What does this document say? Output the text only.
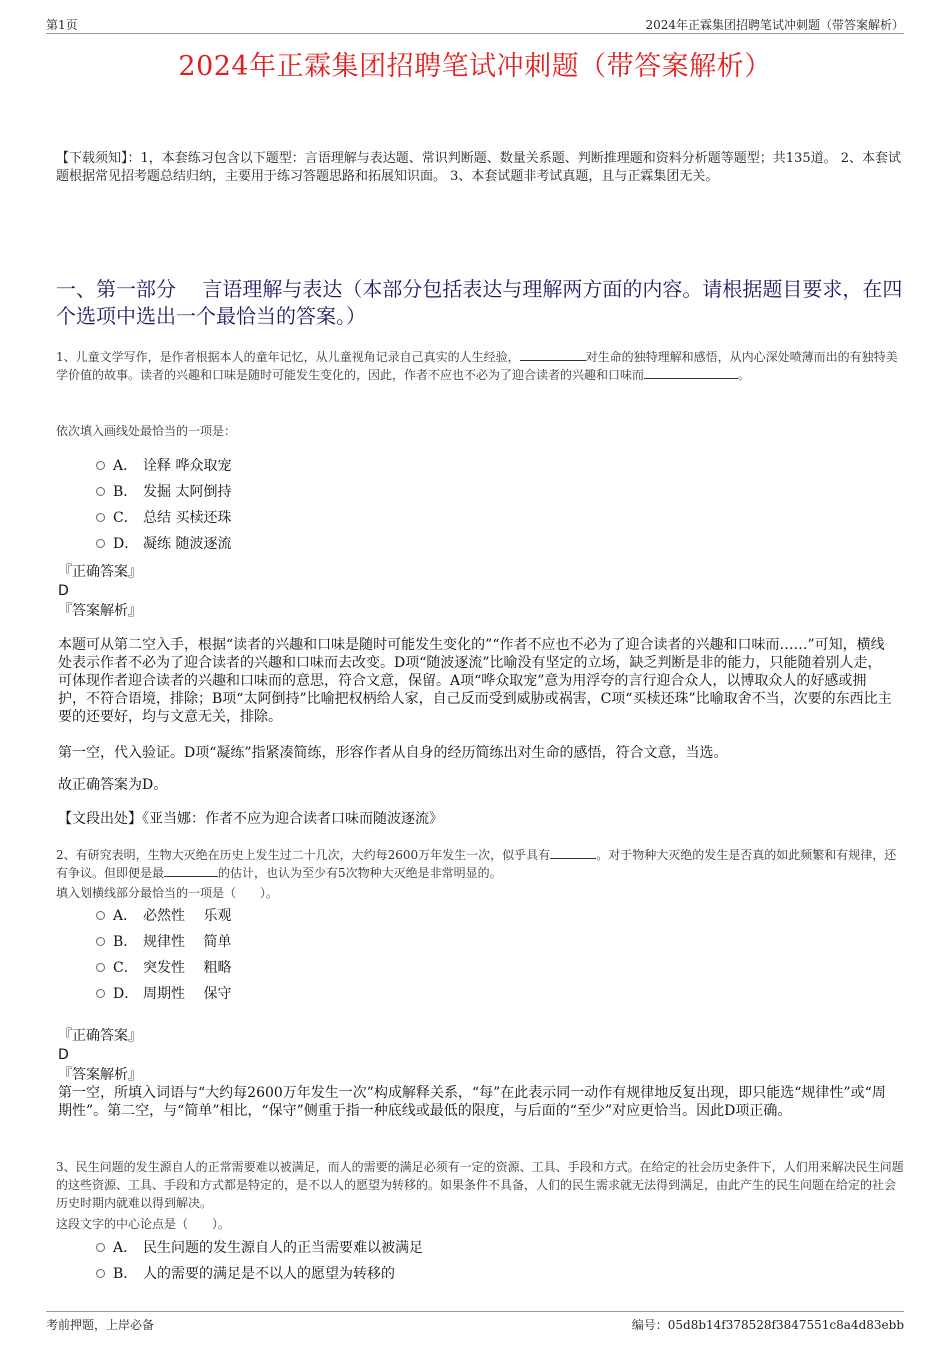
第1页	2024年正霖集团招聘笔试冲刺题（带答案解析）
2024年正霖集团招聘笔试冲刺题（带答案解析）
【下载须知】：1，本套练习包含以下题型：言语理解与表达题、常识判断题、数量关系题、判断推理题和资料分析题等题型；共135道。 2、本套试题根据常见招考题总结归纳，主要用于练习答题思路和拓展知识面。 3、本套试题非考试真题，且与正霖集团无关。
一、第一部分　 言语理解与表达（本部分包括表达与理解两方面的内容。请根据题目要求，在四个选项中选出一个最恰当的答案。）
1、儿童文学写作，是作者根据本人的童年记忆，从儿童视角记录自己真实的人生经验，	对生命的独特理解和感悟，从内心深处喷薄而出的有独特美学价值的故事。读者的兴趣和口味是随时可能发生变化的，因此，作者不应也不必为了迎合读者的兴趣和口味而	。
依次填入画线处最恰当的一项是：
A． 诠释 哗众取宠
B． 发掘 太阿倒持
C． 总结 买椟还珠
D． 凝练 随波逐流
『正确答案』
D
『答案解析』
本题可从第二空入手，根据“读者的兴趣和口味是随时可能发生变化的”“作者不应也不必为了迎合读者的兴趣和口味而……”可知，横线处表示作者不必为了迎合读者的兴趣和口味而去改变。D项“随波逐流”比喻没有坚定的立场，缺乏判断是非的能力，只能随着别人走，可体现作者迎合读者的兴趣和口味而的意思，符合文意，保留。A项“哗众取宠”意为用浮夸的言行迎合众人，以博取众人的好感或拥护，不符合语境，排除；B项“太阿倒持”比喻把权柄给人家，自己反而受到威胁或祸害，C项“买椟还珠”比喻取舍不当，次要的东西比主要的还要好，均与文意无关，排除。
第一空，代入验证。D项“凝练”指紧凑简练，形容作者从自身的经历简练出对生命的感悟，符合文意，当选。
故正确答案为D。
【文段出处】《亚当娜：作者不应为迎合读者口味而随波逐流》
2、有研究表明，生物大灭绝在历史上发生过二十几次，大约每2600万年发生一次，似乎具有	。对于物种大灭绝的发生是否真的如此频繁和有规律，还有争议。但即便是最	的估计，也认为至少有5次物种大灭绝是非常明显的。
填入划横线部分最恰当的一项是（　　）。
A． 必然性　 乐观
B． 规律性　 简单
C． 突发性　 粗略
D． 周期性　 保守
『正确答案』
D
『答案解析』
第一空，所填入词语与“大约每2600万年发生一次”构成解释关系，“每”在此表示同一动作有规律地反复出现，即只能选“规律性”或“周期性”。第二空，与“简单”相比，“保守”侧重于指一种底线或最低的限度，与后面的“至少”对应更恰当。因此D项正确。
3、民生问题的发生源自人的正常需要难以被满足，而人的需要的满足必须有一定的资源、工具、手段和方式。在给定的社会历史条件下，人们用来解决民生问题的这些资源、工具、手段和方式都是特定的，是不以人的愿望为转移的。如果条件不具备，人们的民生需求就无法得到满足，由此产生的民生问题在给定的社会历史时期内就难以得到解决。
这段文字的中心论点是（　　）。
A． 民生问题的发生源自人的正当需要难以被满足
B． 人的需要的满足是不以人的愿望为转移的
考前押题，上岸必备	编号：05d8b14f378528f3847551c8a4d83ebb
